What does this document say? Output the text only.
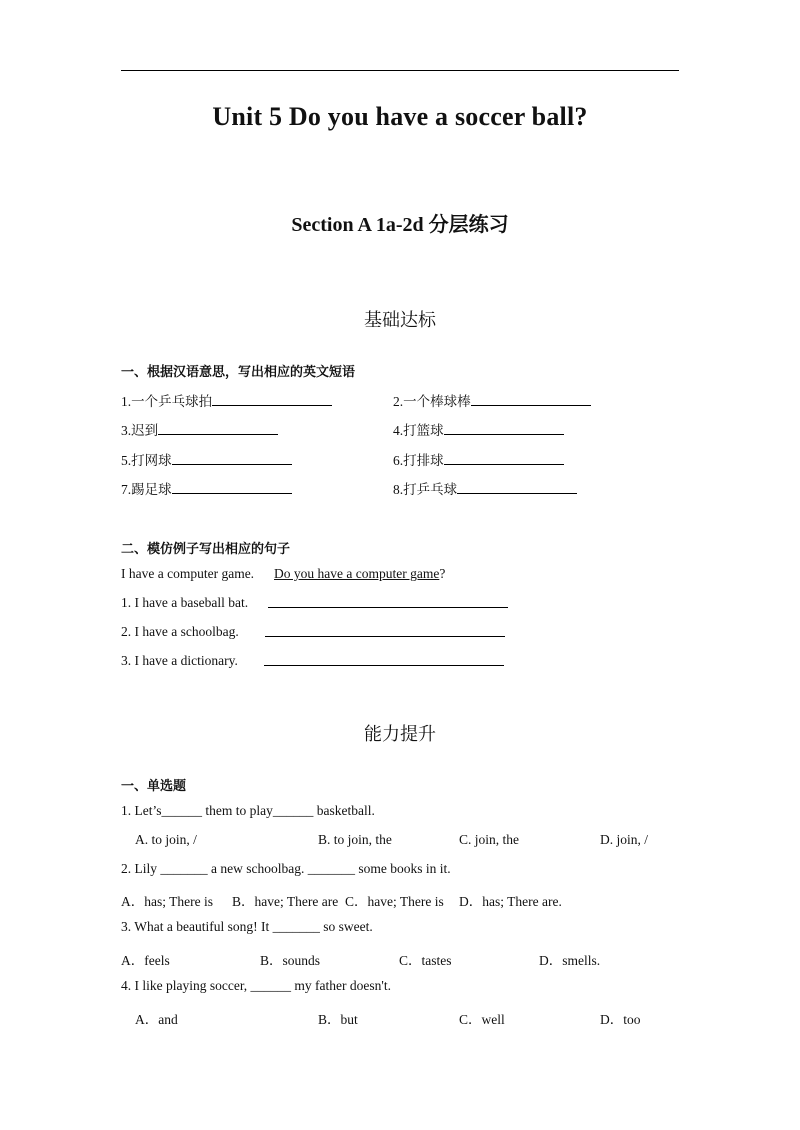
Unit 5 Do you have a soccer ball?
Section A 1a-2d 分层练习
基础达标
一、根据汉语意思，写出相应的英文短语
1.一个乒乓球拍	2.一个棒球棒
3.迟到	4.打篮球
5.打网球	6.打排球
7.踢足球	8.打乒乓球
二、模仿例子写出相应的句子
I have a computer game. Do you have a computer game?
1. I have a baseball bat.
2. I have a schoolbag.
3. I have a dictionary.
能力提升
一、单选题
1. Let’s______ them to play______ basketball.
A. to join, /	B. to join, the	C. join, the	D. join, /
2. Lily _______ a new schoolbag. _______ some books in it.
A．has; There is B．have; There are C．have; There is D．has; There are.
3. What a beautiful song! It _______ so sweet.
A．feels	B．sounds	C．tastes	D．smells.
4. I like playing soccer, ______ my father doesn't.
A．and	B．but	C．well	D．too
